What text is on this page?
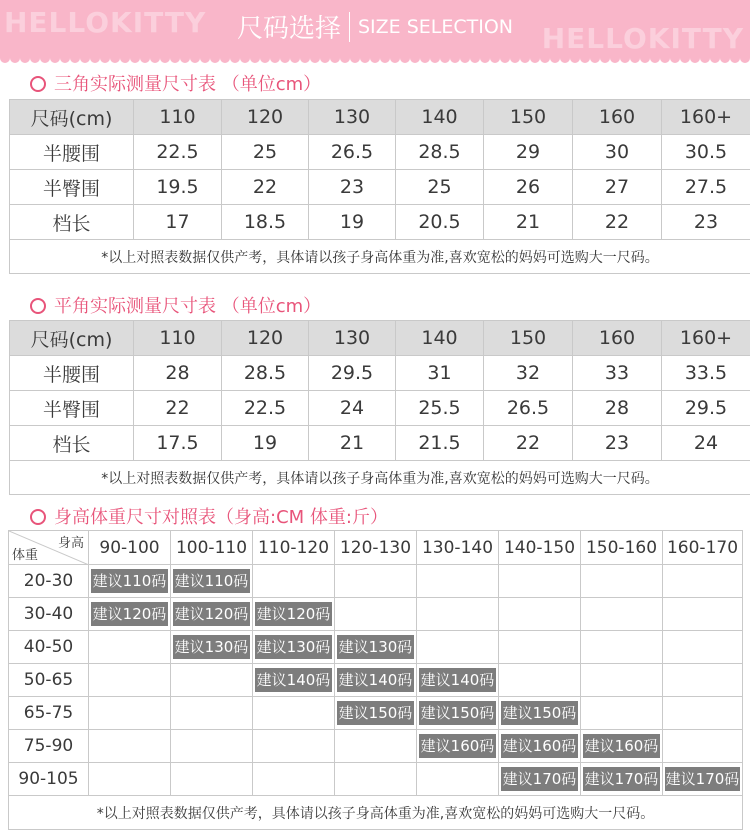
HELLOKITTY	HELLOKITTY
尺码选择 SIZE SELECTION
三角实际测量尺寸表 （单位cm）
尺码(cm)	110	120	130	140	150	160	160+
半腰围	22.5	25	26.5	28.5	29	30	30.5
半臀围	19.5	22	23	25	26	27	27.5
档长	17	18.5	19	20.5	21	22	23
*以上对照表数据仅供产考，具体请以孩子身高体重为准,喜欢宽松的妈妈可选购大一尺码。							
平角实际测量尺寸表 （单位cm）
尺码(cm)	110	120	130	140	150	160	160+
半腰围	28	28.5	29.5	31	32	33	33.5
半臀围	22	22.5	24	25.5	26.5	28	29.5
档长	17.5	19	21	21.5	22	23	24
*以上对照表数据仅供产考，具体请以孩子身高体重为准,喜欢宽松的妈妈可选购大一尺码。							
身高体重尺寸对照表（身高:CM 体重:斤）
身高
体重	90-100	100-110	110-120	120-130	130-140	140-150	150-160	160-170
20-30	建议110码	建议110码						

30-40	建议120码	建议120码	建议120码					

40-50		建议130码	建议130码	建议130码				

50-65			建议140码	建议140码	建议140码			

65-75				建议150码	建议150码	建议150码		

75-90					建议160码	建议160码	建议160码	

90-105						建议170码	建议170码	建议170码

*以上对照表数据仅供产考，具体请以孩子身高体重为准,喜欢宽松的妈妈可选购大一尺码。								
